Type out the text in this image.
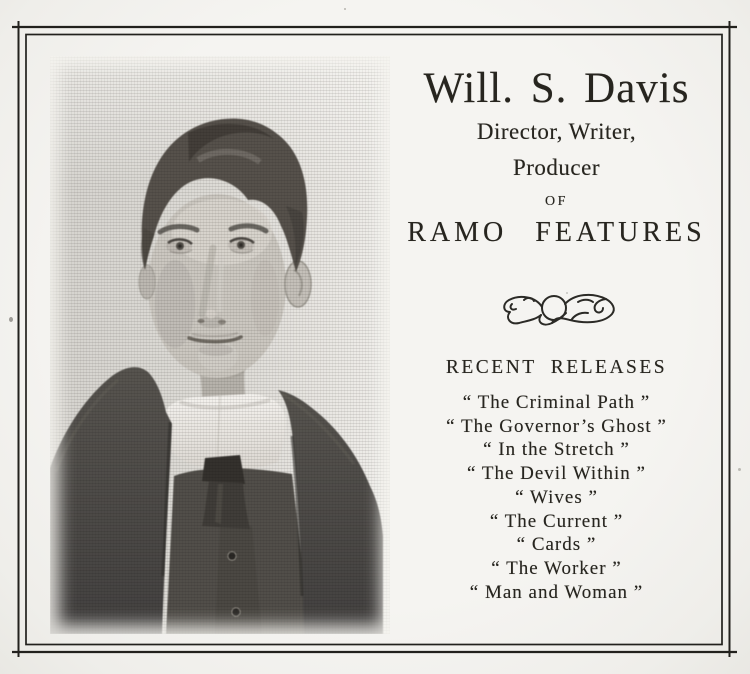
Will. S. Davis
Director, Writer,
Producer
OF
RAMO FEATURES
RECENT RELEASES
“ The Criminal Path ”
“ The Governor’s Ghost ”
“ In the Stretch ”
“ The Devil Within ”
“ Wives ”
“ The Current ”
“ Cards ”
“ The Worker ”
“ Man and Woman ”
